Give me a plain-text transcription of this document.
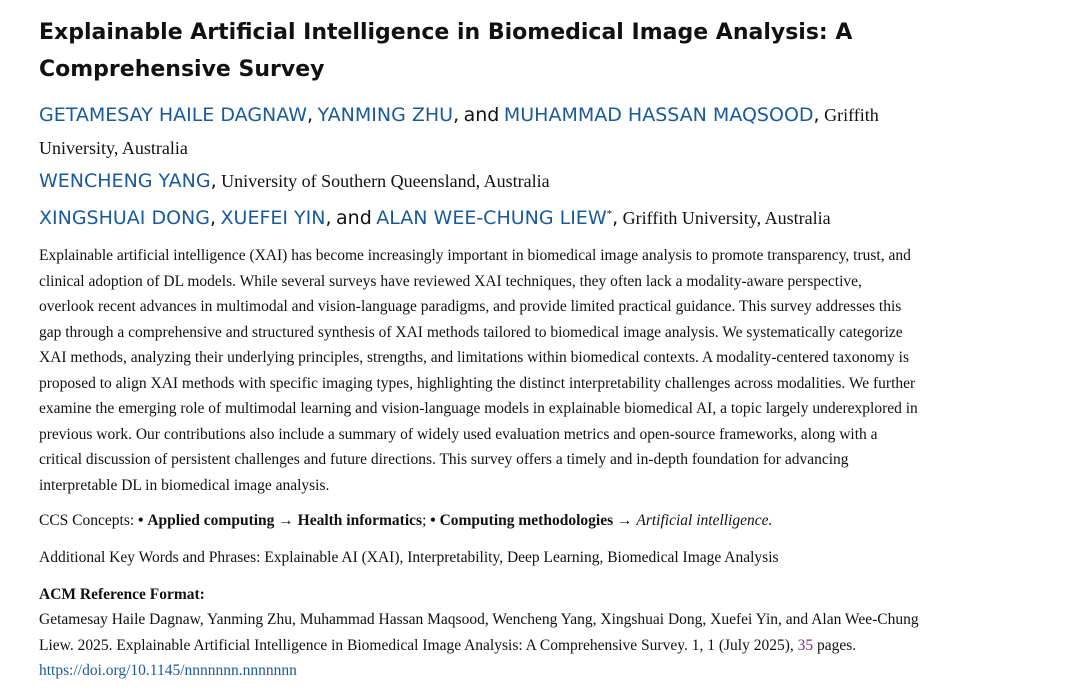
Explainable Artificial Intelligence in Biomedical Image Analysis: A Comprehensive Survey
GETAMESAY HAILE DAGNAW, YANMING ZHU, and MUHAMMAD HASSAN MAQSOOD, Griffith University, Australia
WENCHENG YANG, University of Southern Queensland, Australia
XINGSHUAI DONG, XUEFEI YIN, and ALAN WEE-CHUNG LIEW*, Griffith University, Australia
Explainable artificial intelligence (XAI) has become increasingly important in biomedical image analysis to promote transparency, trust, and clinical adoption of DL models. While several surveys have reviewed XAI techniques, they often lack a modality-aware perspective, overlook recent advances in multimodal and vision-language paradigms, and provide limited practical guidance. This survey addresses this gap through a comprehensive and structured synthesis of XAI methods tailored to biomedical image analysis. We systematically categorize XAI methods, analyzing their underlying principles, strengths, and limitations within biomedical contexts. A modality-centered taxonomy is proposed to align XAI methods with specific imaging types, highlighting the distinct interpretability challenges across modalities. We further examine the emerging role of multimodal learning and vision-language models in explainable biomedical AI, a topic largely underexplored in previous work. Our contributions also include a summary of widely used evaluation metrics and open-source frameworks, along with a critical discussion of persistent challenges and future directions. This survey offers a timely and in-depth foundation for advancing interpretable DL in biomedical image analysis.
CCS Concepts: • Applied computing → Health informatics; • Computing methodologies → Artificial intelligence.
Additional Key Words and Phrases: Explainable AI (XAI), Interpretability, Deep Learning, Biomedical Image Analysis
ACM Reference Format:
Getamesay Haile Dagnaw, Yanming Zhu, Muhammad Hassan Maqsood, Wencheng Yang, Xingshuai Dong, Xuefei Yin, and Alan Wee-Chung Liew. 2025. Explainable Artificial Intelligence in Biomedical Image Analysis: A Comprehensive Survey. 1, 1 (July 2025), 35 pages. https://doi.org/10.1145/nnnnnnn.nnnnnnn
